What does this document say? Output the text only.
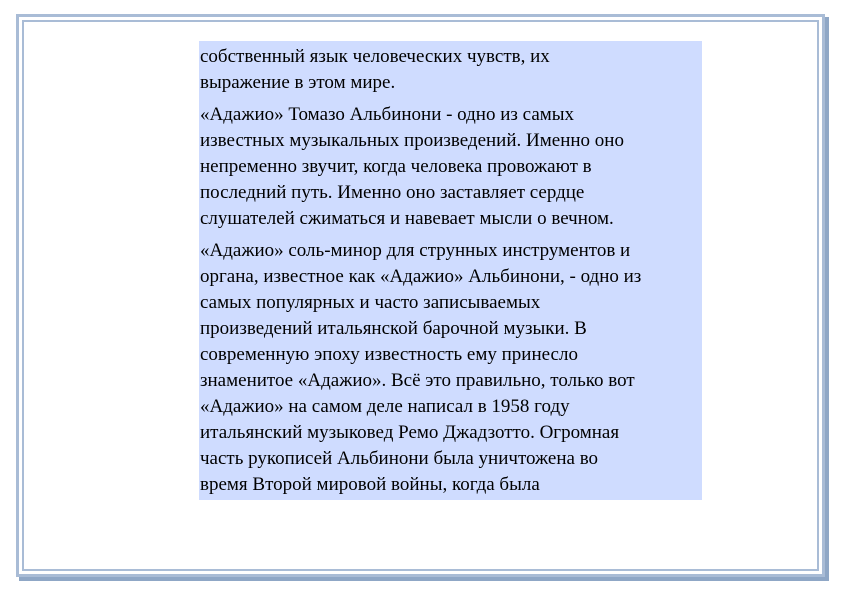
собственный язык человеческих чувств, их
выражение в этом мире.

«Адажио» Томазо Альбинони - одно из самых
известных музыкальных произведений. Именно оно
непременно звучит, когда человека провожают в
последний путь. Именно оно заставляет сердце
слушателей сжиматься и навевает мысли о вечном.

«Адажио» соль-минор для струнных инструментов и
органа, известное как «Адажио» Альбинони, - одно из
самых популярных и часто записываемых
произведений итальянской барочной музыки. В
современную эпоху известность ему принесло
знаменитое «Адажио». Всё это правильно, только вот
«Адажио» на самом деле написал в 1958 году
итальянский музыковед Ремо Джадзотто. Огромная
часть рукописей Альбинони была уничтожена во
время Второй мировой войны, когда была
